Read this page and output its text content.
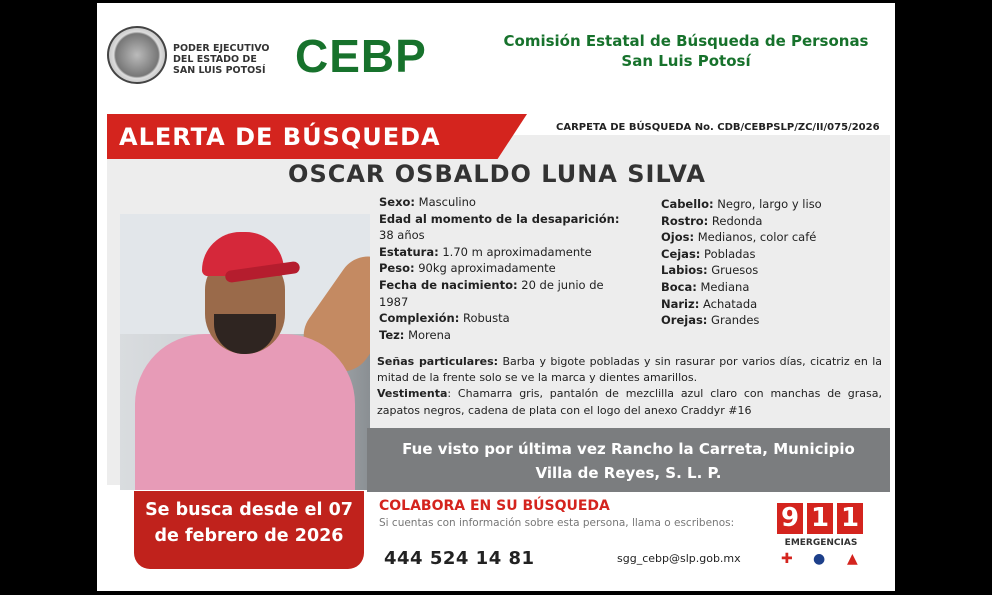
PODER EJECUTIVO
DEL ESTADO DE
SAN LUIS POTOSÍ CEBP	Comisión Estatal de Búsqueda de Personas
San Luis Potosí
ALERTA DE BÚSQUEDA	CARPETA DE BÚSQUEDA No. CDB/CEBPSLP/ZC/II/075/2026
OSCAR OSBALDO LUNA SILVA
Sexo: Masculino
Edad al momento de la desaparición: 38 años
Estatura: 1.70 m aproximadamente
Peso: 90kg aproximadamente
Fecha de nacimiento: 20 de junio de 1987
Complexión: Robusta
Tez: Morena
Cabello: Negro, largo y liso
Rostro: Redonda
Ojos: Medianos, color café
Cejas: Pobladas
Labios: Gruesos
Boca: Mediana
Nariz: Achatada
Orejas: Grandes
Señas particulares: Barba y bigote pobladas y sin rasurar por varios días, cicatriz en la mitad de la frente solo se ve la marca y dientes amarillos.
Vestimenta: Chamarra gris, pantalón de mezclilla azul claro con manchas de grasa, zapatos negros, cadena de plata con el logo del anexo Craddyr #16
Fue visto por última vez Rancho la Carreta, Municipio
Villa de Reyes, S. L. P.
Se busca desde el 07
de febrero de 2026
COLABORA EN SU BÚSQUEDA
Si cuentas con información sobre esta persona, llama o escribenos:
444 524 14 81	sgg_cebp@slp.gob.mx
9 1 1
EMERGENCIAS
✚ ● ▲
